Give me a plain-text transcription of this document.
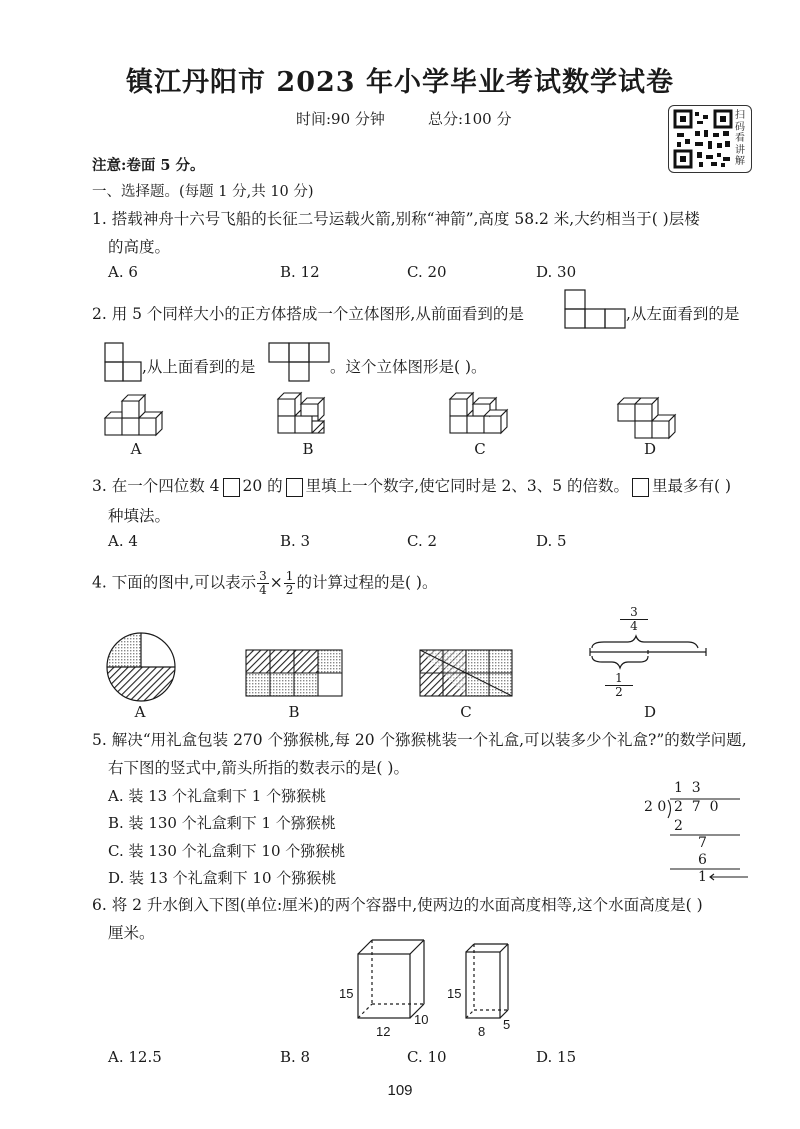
镇江丹阳市 2023 年小学毕业考试数学试卷
时间:90 分钟	总分:100 分	扫码看讲解
注意:卷面 5 分。
一、选择题。(每题 1 分,共 10 分)
1. 搭载神舟十六号飞船的长征二号运载火箭,别称“神箭”,高度 58.2 米,大约相当于( )层楼
的高度。
A. 6	B. 12	C. 20	D. 30
2. 用 5 个同样大小的正方体搭成一个立体图形,从前面看到的是	,从左面看到的是
,从上面看到的是	。这个立体图形是( )。
A	B	C	D
3. 在一个四位数 4 20 的 里填上一个数字,使它同时是 2、3、5 的倍数。 里最多有( )
种填法。
A. 4	B. 3	C. 2	D. 5
4. 下面的图中,可以表示 $\frac{3}{4} \times \frac{1}{2}$ 的计算过程的是( )。
A	B	C
3
4
1
2
D
5. 解决“用礼盒包装 270 个猕猴桃,每 20 个猕猴桃装一个礼盒,可以装多少个礼盒?”的数学问题,
右下图的竖式中,箭头所指的数表示的是( )。
A. 装 13 个礼盒剩下 1 个猕猴桃
B. 装 130 个礼盒剩下 1 个猕猴桃
C. 装 130 个礼盒剩下 10 个猕猴桃
D. 装 13 个礼盒剩下 10 个猕猴桃
1  3
2 0 2  7  0
2
7
6
1
6. 将 2 升水倒入下图(单位:厘米)的两个容器中,使两边的水面高度相等,这个水面高度是( )
厘米。
15
12
10
15
8 5
A. 12.5	B. 8	C. 10	D. 15
109
